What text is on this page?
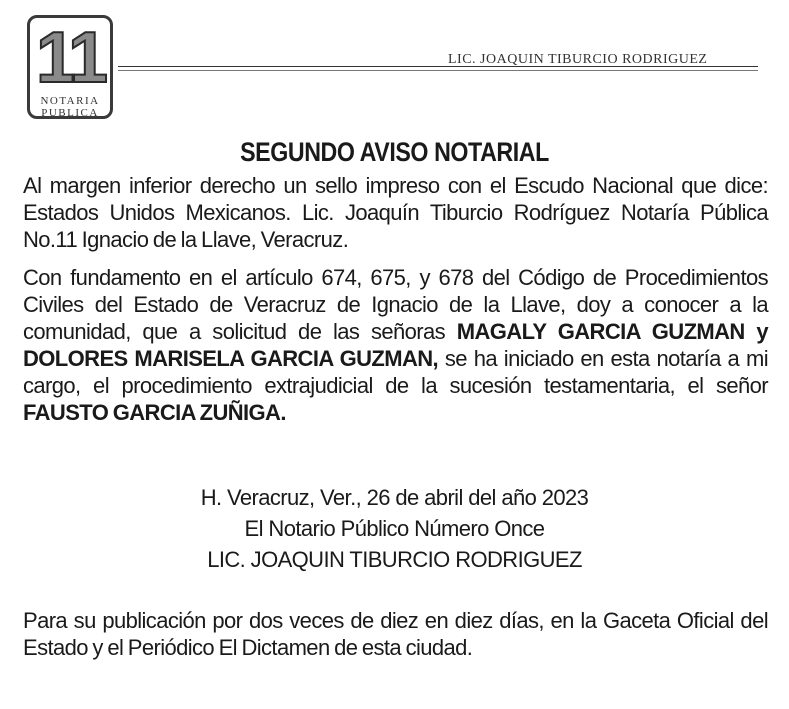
11
NOTARIA
PUBLICA
LIC. JOAQUIN TIBURCIO RODRIGUEZ
SEGUNDO AVISO NOTARIAL
Al margen inferior derecho un sello impreso con el Escudo Nacional que dice: Estados Unidos Mexicanos. Lic. Joaquín Tiburcio Rodríguez Notaría Pública No.11 Ignacio de la Llave, Veracruz.
Con fundamento en el artículo 674, 675, y 678 del Código de Procedimientos Civiles del Estado de Veracruz de Ignacio de la Llave, doy a conocer a la comunidad, que a solicitud de las señoras MAGALY GARCIA GUZMAN y DOLORES MARISELA GARCIA GUZMAN, se ha iniciado en esta notaría a mi cargo, el procedimiento extrajudicial de la sucesión testamentaria, el señor FAUSTO GARCIA ZUÑIGA.
H. Veracruz, Ver., 26 de abril del año 2023
El Notario Público Número Once
LIC. JOAQUIN TIBURCIO RODRIGUEZ
Para su publicación por dos veces de diez en diez días, en la Gaceta Oficial del Estado y el Periódico El Dictamen de esta ciudad.
